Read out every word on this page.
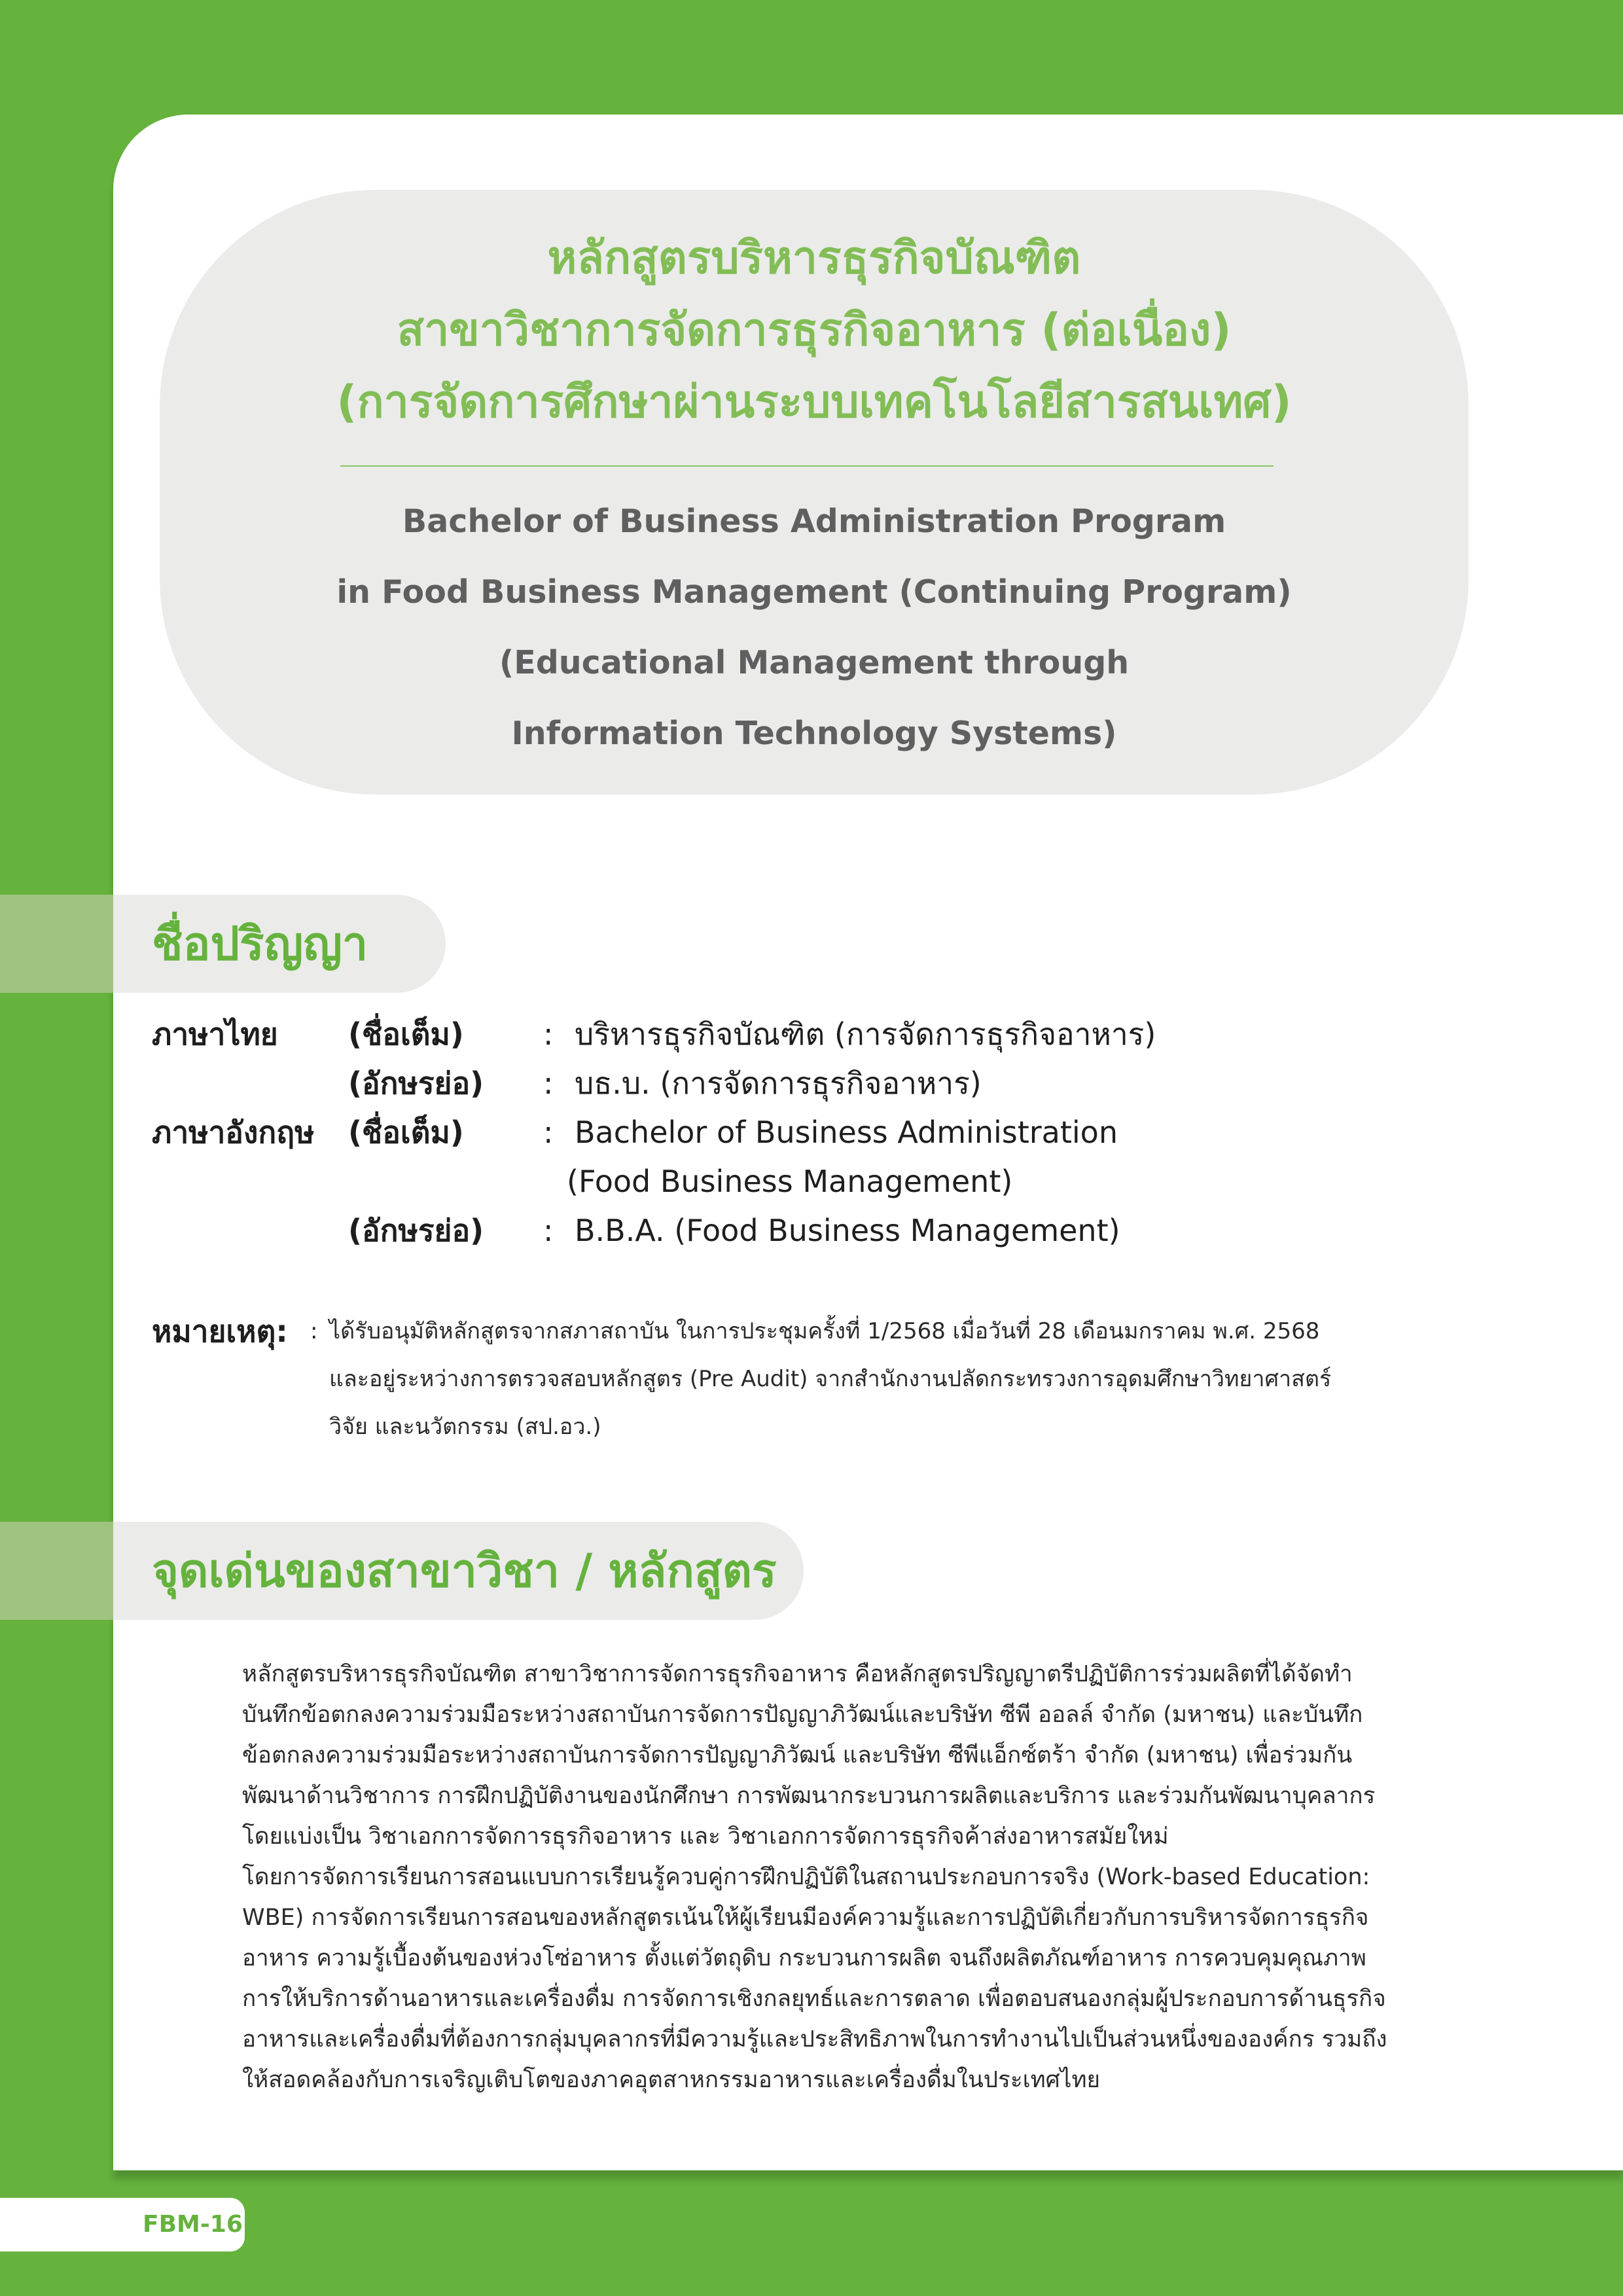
หลักสูตรบริหารธุรกิจบัณฑิต
สาขาวิชาการจัดการธุรกิจอาหาร (ต่อเนื่อง)
(การจัดการศึกษาผ่านระบบเทคโนโลยีสารสนเทศ)
Bachelor of Business Administration Program
in Food Business Management (Continuing Program)
(Educational Management through
Information Technology Systems)
ชื่อปริญญา
ภาษาไทย (ชื่อเต็ม)	: บริหารธุรกิจบัณฑิต (การจัดการธุรกิจอาหาร)
(อักษรย่อ) : บธ.บ. (การจัดการธุรกิจอาหาร)
ภาษาอังกฤษ (ชื่อเต็ม)	: Bachelor of Business Administration
(Food Business Management)
(อักษรย่อ) : B.B.A. (Food Business Management)
หมายเหตุ: : ได้รับอนุมัติหลักสูตรจากสภาสถาบัน ในการประชุมครั้งที่ 1/2568 เมื่อวันที่ 28 เดือนมกราคม พ.ศ. 2568
และอยู่ระหว่างการตรวจสอบหลักสูตร (Pre Audit) จากสำนักงานปลัดกระทรวงการอุดมศึกษาวิทยาศาสตร์
วิจัย และนวัตกรรม (สป.อว.)
จุดเด่นของสาขาวิชา / หลักสูตร
หลักสูตรบริหารธุรกิจบัณฑิต สาขาวิชาการจัดการธุรกิจอาหาร คือหลักสูตรปริญญาตรีปฏิบัติการร่วมผลิตที่ได้จัดทำ
บันทึกข้อตกลงความร่วมมือระหว่างสถาบันการจัดการปัญญาภิวัฒน์และบริษัท ซีพี ออลล์ จำกัด (มหาชน) และบันทึก
ข้อตกลงความร่วมมือระหว่างสถาบันการจัดการปัญญาภิวัฒน์ และบริษัท ซีพีแอ็กซ์ตร้า จำกัด (มหาชน) เพื่อร่วมกัน
พัฒนาด้านวิชาการ การฝึกปฏิบัติงานของนักศึกษา การพัฒนากระบวนการผลิตและบริการ และร่วมกันพัฒนาบุคลากร
โดยแบ่งเป็น วิชาเอกการจัดการธุรกิจอาหาร และ วิชาเอกการจัดการธุรกิจค้าส่งอาหารสมัยใหม่
โดยการจัดการเรียนการสอนแบบการเรียนรู้ควบคู่การฝึกปฏิบัติในสถานประกอบการจริง (Work-based Education:
WBE) การจัดการเรียนการสอนของหลักสูตรเน้นให้ผู้เรียนมีองค์ความรู้และการปฏิบัติเกี่ยวกับการบริหารจัดการธุรกิจ
อาหาร ความรู้เบื้องต้นของห่วงโซ่อาหาร ตั้งแต่วัตถุดิบ กระบวนการผลิต จนถึงผลิตภัณฑ์อาหาร การควบคุมคุณภาพ
การให้บริการด้านอาหารและเครื่องดื่ม การจัดการเชิงกลยุทธ์และการตลาด เพื่อตอบสนองกลุ่มผู้ประกอบการด้านธุรกิจ
อาหารและเครื่องดื่มที่ต้องการกลุ่มบุคลากรที่มีความรู้และประสิทธิภาพในการทำงานไปเป็นส่วนหนึ่งขององค์กร รวมถึง
ให้สอดคล้องกับการเจริญเติบโตของภาคอุตสาหกรรมอาหารและเครื่องดื่มในประเทศไทย
FBM-16
